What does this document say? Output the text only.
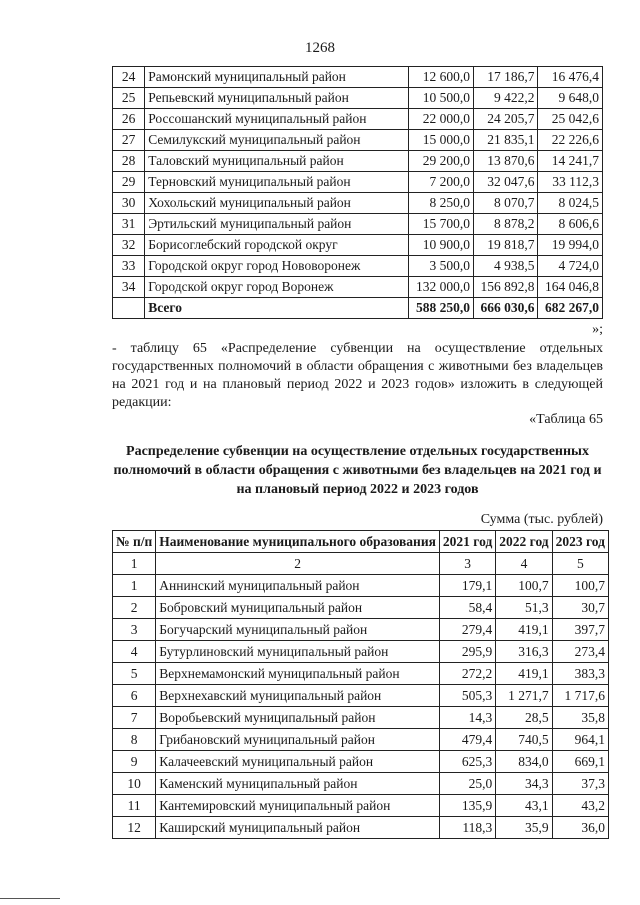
1268
24	Рамонский муниципальный район	12 600,0	17 186,7	16 476,4
25	Репьевский муниципальный район	10 500,0	9 422,2	9 648,0
26	Россошанский муниципальный район	22 000,0	24 205,7	25 042,6
27	Семилукский муниципальный район	15 000,0	21 835,1	22 226,6
28	Таловский муниципальный район	29 200,0	13 870,6	14 241,7
29	Терновский муниципальный район	7 200,0	32 047,6	33 112,3
30	Хохольский муниципальный район	8 250,0	8 070,7	8 024,5
31	Эртильский муниципальный район	15 700,0	8 878,2	8 606,6
32	Борисоглебский городской округ	10 900,0	19 818,7	19 994,0
33	Городской округ город Нововоронеж	3 500,0	4 938,5	4 724,0
34	Городской округ город Воронеж	132 000,0	156 892,8	164 046,8
	Всего	588 250,0	666 030,6	682 267,0
»;
- таблицу 65 «Распределение субвенции на осуществление отдельных государственных полномочий в области обращения с животными без владельцев на 2021 год и на плановый период 2022 и 2023 годов» изложить в следующей редакции:
«Таблица 65
Распределение субвенции на осуществление отдельных государственных полномочий в области обращения с животными без владельцев на 2021 год и на плановый период 2022 и 2023 годов
Сумма (тыс. рублей)
№ п/п	Наименование муниципального образования	2021 год	2022 год	2023 год
1	2	3	4	5
1	Аннинский муниципальный район	179,1	100,7	100,7
2	Бобровский муниципальный район	58,4	51,3	30,7
3	Богучарский муниципальный район	279,4	419,1	397,7
4	Бутурлиновский муниципальный район	295,9	316,3	273,4
5	Верхнемамонский муниципальный район	272,2	419,1	383,3
6	Верхнехавский муниципальный район	505,3	1 271,7	1 717,6
7	Воробьевский муниципальный район	14,3	28,5	35,8
8	Грибановский муниципальный район	479,4	740,5	964,1
9	Калачеевский муниципальный район	625,3	834,0	669,1
10	Каменский муниципальный район	25,0	34,3	37,3
11	Кантемировский муниципальный район	135,9	43,1	43,2
12	Каширский муниципальный район	118,3	35,9	36,0
